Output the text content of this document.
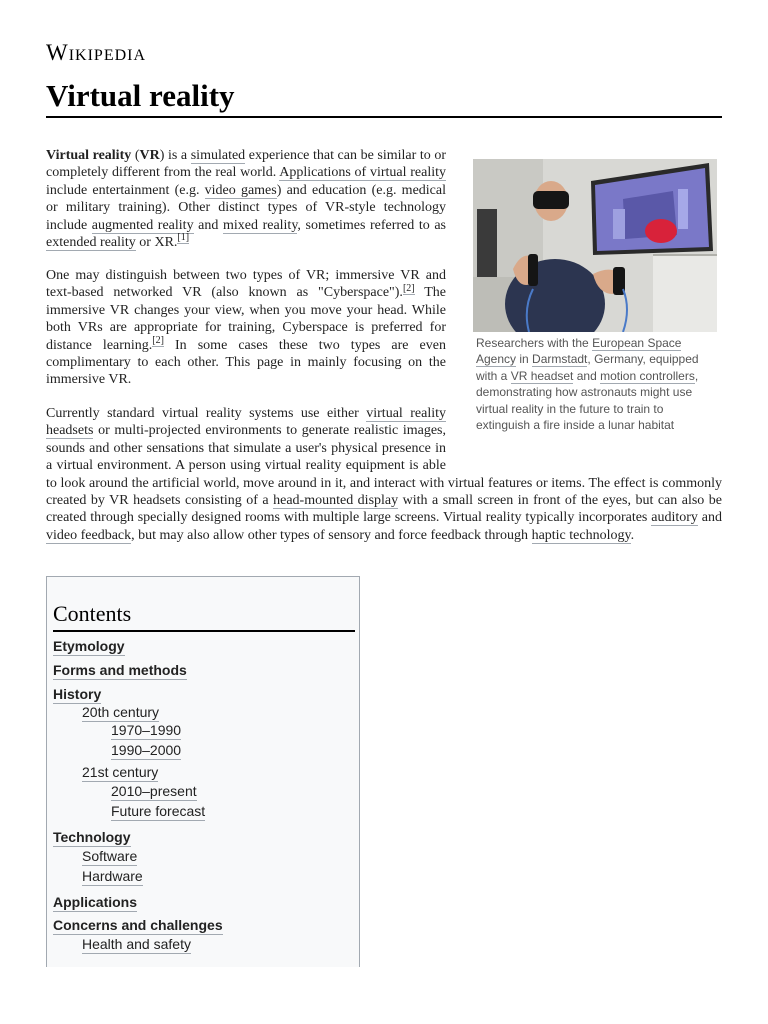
Wikipedia
Virtual reality

Virtual reality (VR) is a simulated experience that can be similar to or completely different from the real world. Applications of virtual reality include entertainment (e.g. video games) and education (e.g. medical or military training). Other distinct types of VR-style technology include augmented reality and mixed reality, sometimes referred to as extended reality or XR.[1]

One may distinguish between two types of VR; immersive VR and text-based networked VR (also known as "Cyberspace").[2] The immersive VR changes your view, when you move your head. While both VRs are appropriate for training, Cyberspace is preferred for distance learning.[2] In some cases these two types are even complimentary to each other. This page in mainly focusing on the immersive VR.

Currently standard virtual reality systems use either virtual reality headsets or multi-projected environments to generate realistic images, sounds and other sensations that simulate a user's physical presence in a virtual environment. A person using virtual reality equipment is able to look around the artificial world, move around in it, and interact with virtual features or items. The effect is commonly created by VR headsets consisting of a head-mounted display with a small screen in front of the eyes, but can also be created through specially designed rooms with multiple large screens. Virtual reality typically incorporates auditory and video feedback, but may also allow other types of sensory and force feedback through haptic technology.

Researchers with the European Space Agency in Darmstadt, Germany, equipped with a VR headset and motion controllers, demonstrating how astronauts might use virtual reality in the future to train to extinguish a fire inside a lunar habitat
Contents
Etymology
Forms and methods
History
20th century
1970–1990
1990–2000
21st century
2010–present
Future forecast
Technology
Software
Hardware
Applications
Concerns and challenges
Health and safety
